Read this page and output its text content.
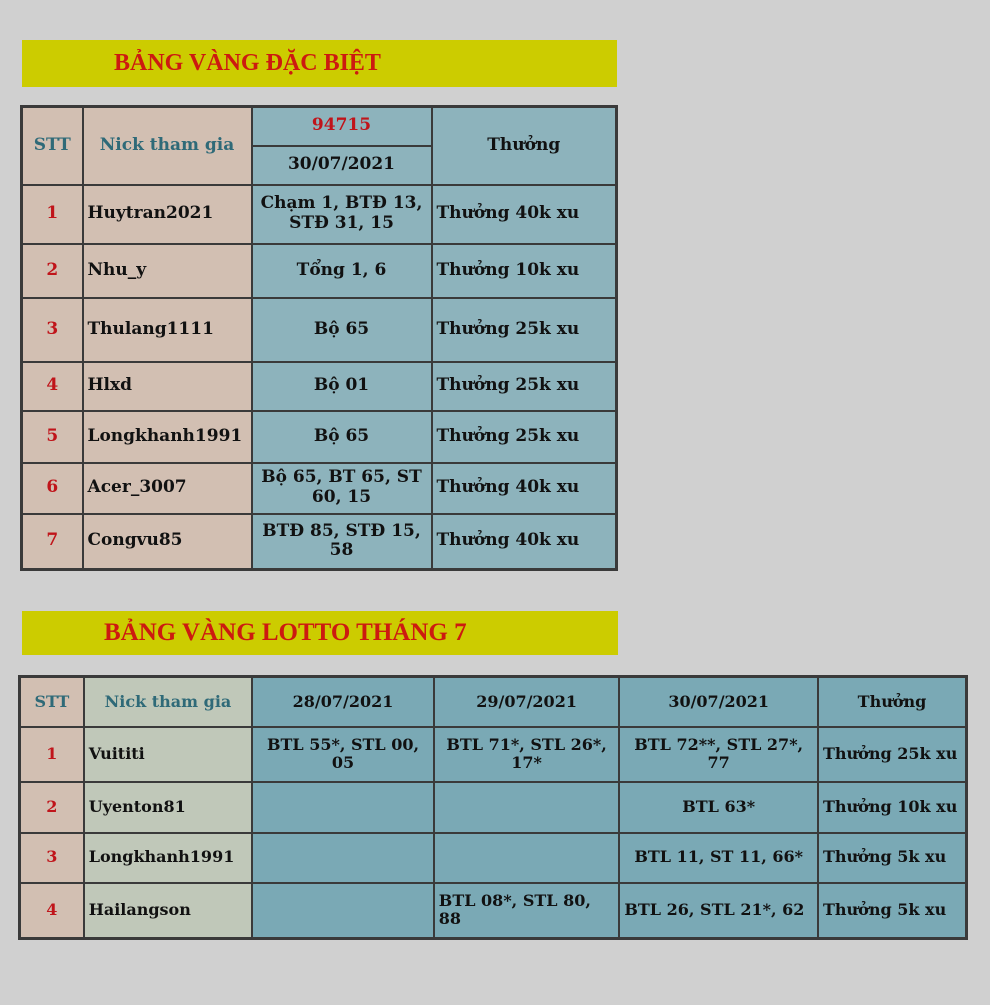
BẢNG VÀNG ĐẶC BIỆT
STT	Nick tham gia	94715	Thưởng
		30/07/2021	
1	Huytran2021	Chạm 1, BTĐ 13, STĐ 31, 15	Thưởng 40k xu
2	Nhu_y	Tổng 1, 6	Thưởng 10k xu
3	Thulang1111	Bộ 65	Thưởng 25k xu
4	Hlxd	Bộ 01	Thưởng 25k xu
5	Longkhanh1991	Bộ 65	Thưởng 25k xu
6	Acer_3007	Bộ 65, BT 65, ST 60, 15	Thưởng 40k xu
7	Congvu85	BTĐ 85, STĐ 15, 58	Thưởng 40k xu
BẢNG VÀNG LOTTO THÁNG 7
STT	Nick tham gia	28/07/2021	29/07/2021	30/07/2021	Thưởng
1	Vuititi	BTL 55*, STL 00, 05	BTL 71*, STL 26*, 17*	BTL 72**, STL 27*, 77	Thưởng 25k xu
2	Uyenton81			BTL 63*	Thưởng 10k xu
3	Longkhanh1991			BTL 11, ST 11, 66*	Thưởng 5k xu
4	Hailangson		BTL 08*, STL 80, 88	BTL 26, STL 21*, 62	Thưởng 5k xu
